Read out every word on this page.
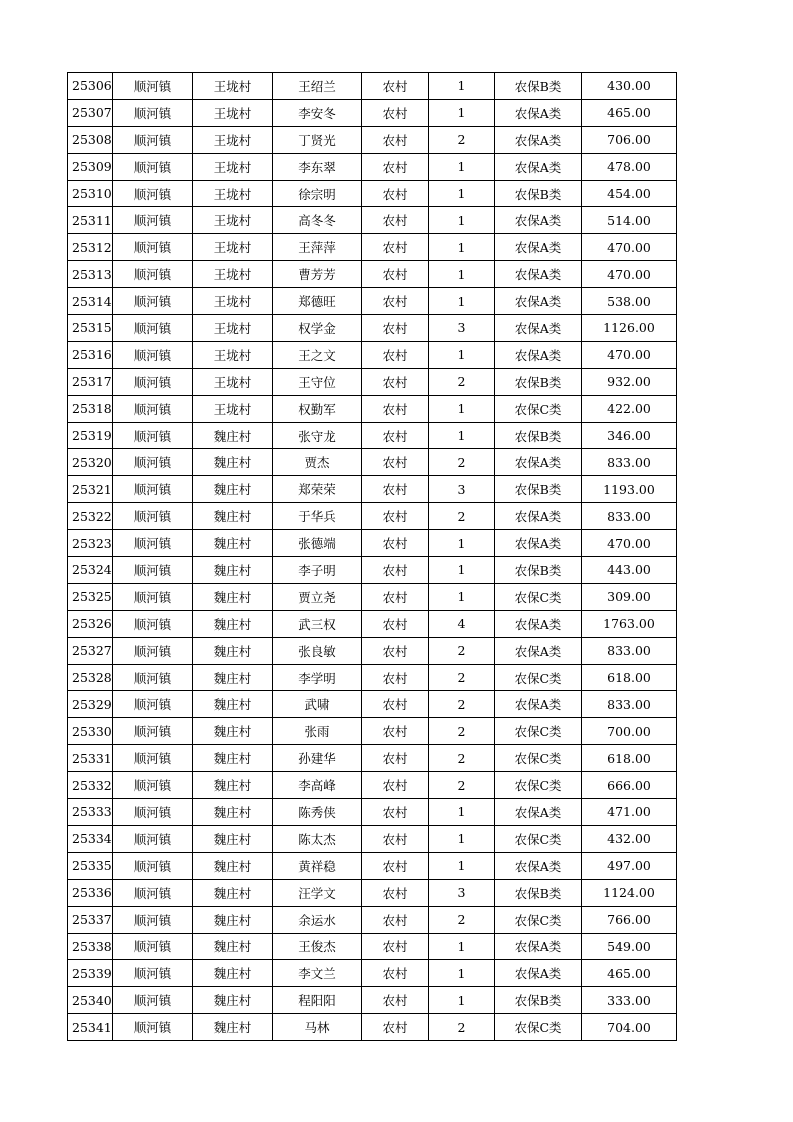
25306	顺河镇	王垅村	王绍兰	农村	1	农保B类	430.00
25307	顺河镇	王垅村	李安冬	农村	1	农保A类	465.00
25308	顺河镇	王垅村	丁贤光	农村	2	农保A类	706.00
25309	顺河镇	王垅村	李东翠	农村	1	农保A类	478.00
25310	顺河镇	王垅村	徐宗明	农村	1	农保B类	454.00
25311	顺河镇	王垅村	高冬冬	农村	1	农保A类	514.00
25312	顺河镇	王垅村	王萍萍	农村	1	农保A类	470.00
25313	顺河镇	王垅村	曹芳芳	农村	1	农保A类	470.00
25314	顺河镇	王垅村	郑德旺	农村	1	农保A类	538.00
25315	顺河镇	王垅村	权学金	农村	3	农保A类	1126.00
25316	顺河镇	王垅村	王之文	农村	1	农保A类	470.00
25317	顺河镇	王垅村	王守位	农村	2	农保B类	932.00
25318	顺河镇	王垅村	权勤军	农村	1	农保C类	422.00
25319	顺河镇	魏庄村	张守龙	农村	1	农保B类	346.00
25320	顺河镇	魏庄村	贾杰	农村	2	农保A类	833.00
25321	顺河镇	魏庄村	郑荣荣	农村	3	农保B类	1193.00
25322	顺河镇	魏庄村	于华兵	农村	2	农保A类	833.00
25323	顺河镇	魏庄村	张德端	农村	1	农保A类	470.00
25324	顺河镇	魏庄村	李子明	农村	1	农保B类	443.00
25325	顺河镇	魏庄村	贾立尧	农村	1	农保C类	309.00
25326	顺河镇	魏庄村	武三权	农村	4	农保A类	1763.00
25327	顺河镇	魏庄村	张良敏	农村	2	农保A类	833.00
25328	顺河镇	魏庄村	李学明	农村	2	农保C类	618.00
25329	顺河镇	魏庄村	武啸	农村	2	农保A类	833.00
25330	顺河镇	魏庄村	张雨	农村	2	农保C类	700.00
25331	顺河镇	魏庄村	孙建华	农村	2	农保C类	618.00
25332	顺河镇	魏庄村	李高峰	农村	2	农保C类	666.00
25333	顺河镇	魏庄村	陈秀侠	农村	1	农保A类	471.00
25334	顺河镇	魏庄村	陈太杰	农村	1	农保C类	432.00
25335	顺河镇	魏庄村	黄祥稳	农村	1	农保A类	497.00
25336	顺河镇	魏庄村	汪学文	农村	3	农保B类	1124.00
25337	顺河镇	魏庄村	余运水	农村	2	农保C类	766.00
25338	顺河镇	魏庄村	王俊杰	农村	1	农保A类	549.00
25339	顺河镇	魏庄村	李文兰	农村	1	农保A类	465.00
25340	顺河镇	魏庄村	程阳阳	农村	1	农保B类	333.00
25341	顺河镇	魏庄村	马林	农村	2	农保C类	704.00
